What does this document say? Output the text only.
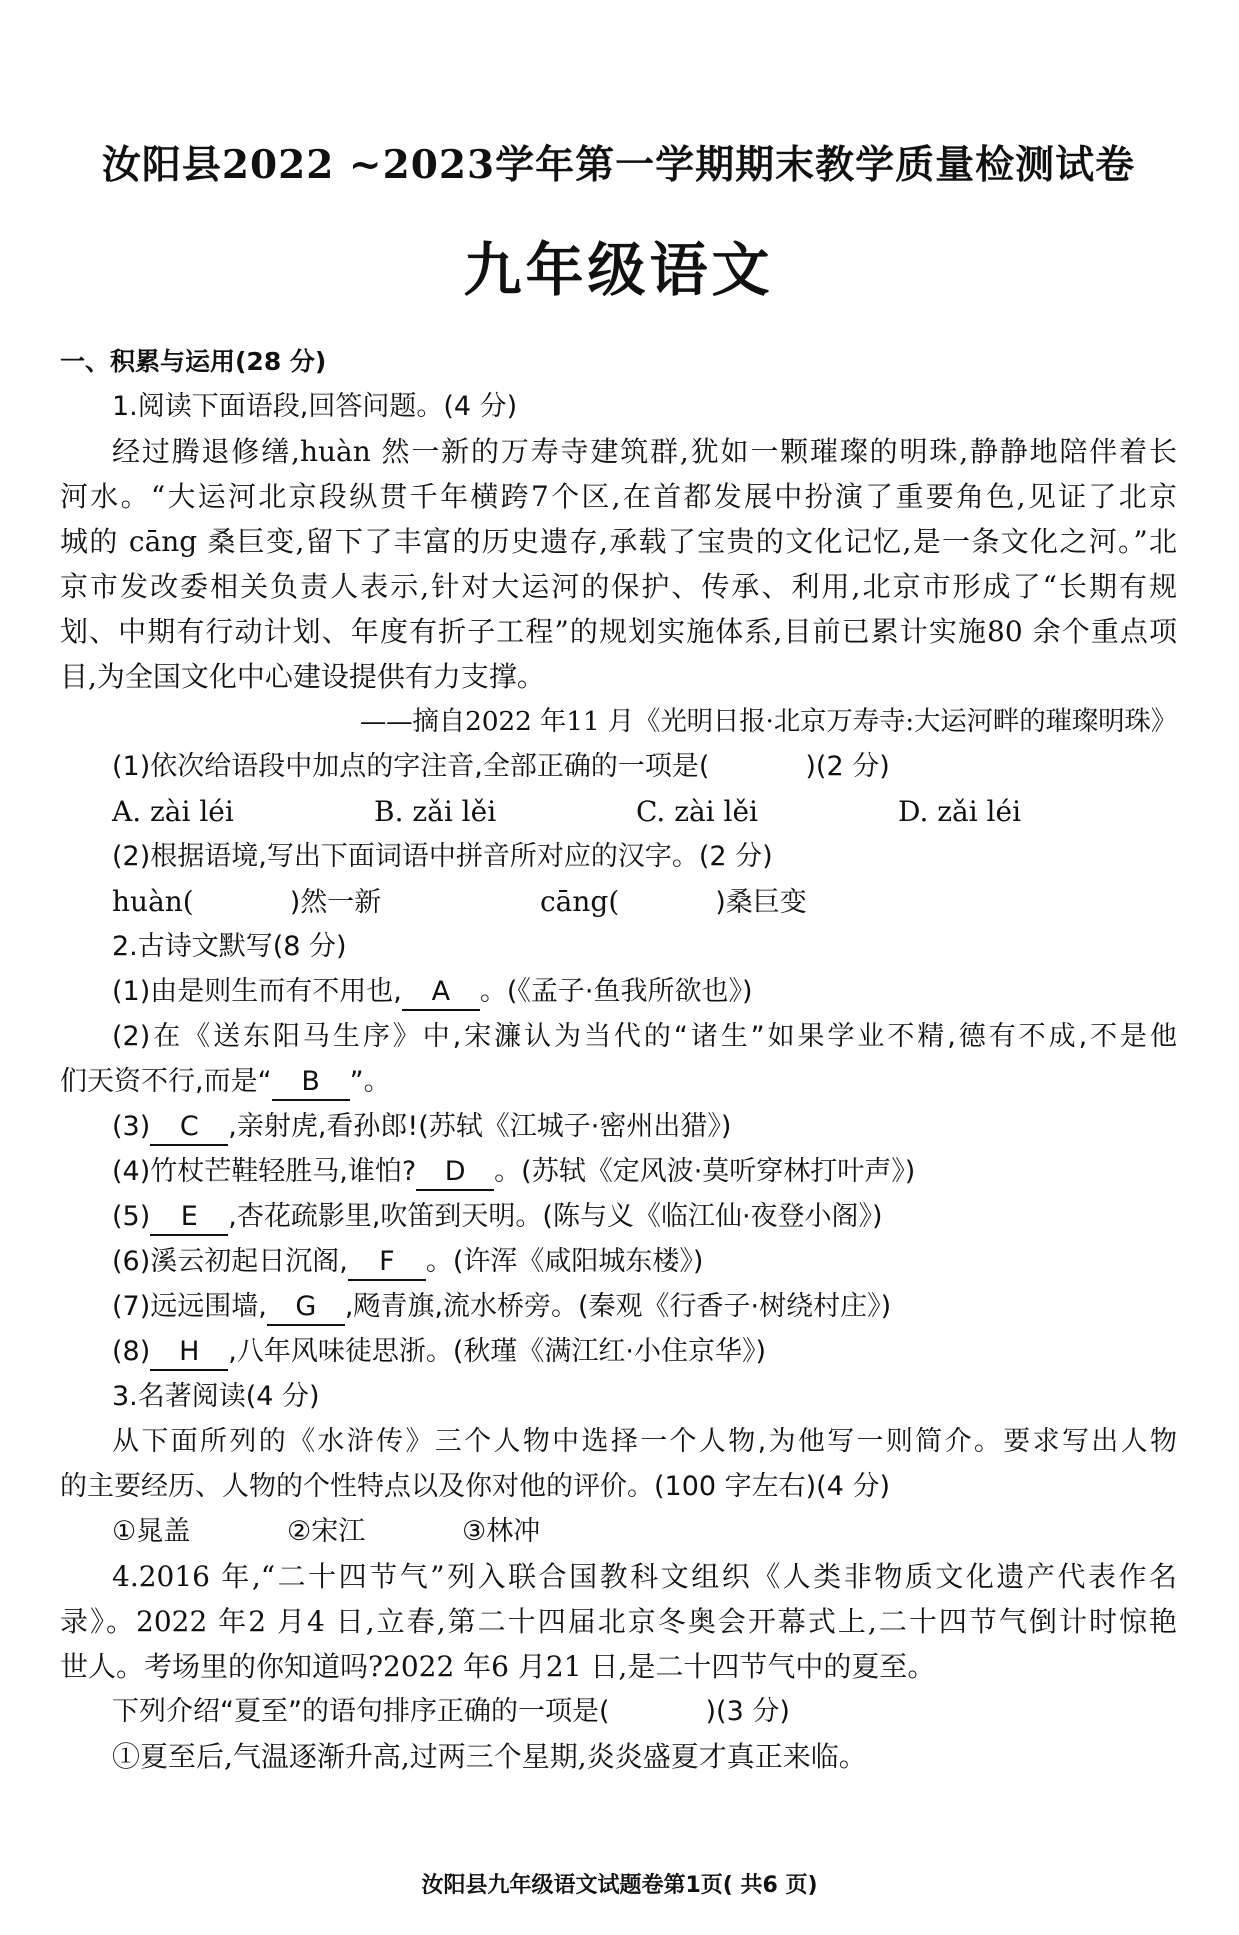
汝阳县2022 ~2023学年第一学期期末教学质量检测试卷
九年级语文
一、积累与运用(28 分)
1.阅读下面语段,回答问题。(4 分)
经过腾退修缮,huàn 然一新的万寿寺建筑群,犹如一颗璀璨的明珠,静静地陪伴着长
河水。“大运河北京段纵贯千年横跨7个区,在首都发展中扮演了重要角色,见证了北京
城的 cāng 桑巨变,留下了丰富的历史遗存,承载了宝贵的文化记忆,是一条文化之河。”北
京市发改委相关负责人表示,针对大运河的保护、传承、利用,北京市形成了“长期有规
划、中期有行动计划、年度有折子工程”的规划实施体系,目前已累计实施80 余个重点项
目,为全国文化中心建设提供有力支撑。
——摘自2022 年11 月《光明日报·北京万寿寺:大运河畔的璀璨明珠》
(1)依次给语段中加点的字注音,全部正确的一项是(	)(2 分)
A. zài léi	B. zǎi lěi	C. zài lěi	D. zǎi léi
(2)根据语境,写出下面词语中拼音所对应的汉字。(2 分)
huàn(	)然一新	cāng(	)桑巨变
2.古诗文默写(8 分)
(1)由是则生而有不用也, A 。(《孟子·鱼我所欲也》)
(2)在《送东阳马生序》中,宋濂认为当代的“诸生”如果学业不精,德有不成,不是他
们天资不行,而是“ B ”。
(3) C ,亲射虎,看孙郎!(苏轼《江城子·密州出猎》)
(4)竹杖芒鞋轻胜马,谁怕? D 。(苏轼《定风波·莫听穿林打叶声》)
(5) E ,杏花疏影里,吹笛到天明。(陈与义《临江仙·夜登小阁》)
(6)溪云初起日沉阁, F 。(许浑《咸阳城东楼》)
(7)远远围墙, G ,飏青旗,流水桥旁。(秦观《行香子·树绕村庄》)
(8) H ,八年风味徒思浙。(秋瑾《满江红·小住京华》)
3.名著阅读(4 分)
从下面所列的《水浒传》三个人物中选择一个人物,为他写一则简介。要求写出人物
的主要经历、人物的个性特点以及你对他的评价。(100 字左右)(4 分)
①晁盖	②宋江	③林冲
4.2016 年,“二十四节气”列入联合国教科文组织《人类非物质文化遗产代表作名
录》。2022 年2 月4 日,立春,第二十四届北京冬奥会开幕式上,二十四节气倒计时惊艳
世人。考场里的你知道吗?2022 年6 月21 日,是二十四节气中的夏至。
下列介绍“夏至”的语句排序正确的一项是(	)(3 分)
①夏至后,气温逐渐升高,过两三个星期,炎炎盛夏才真正来临。
汝阳县九年级语文试题卷第1页( 共6 页)
